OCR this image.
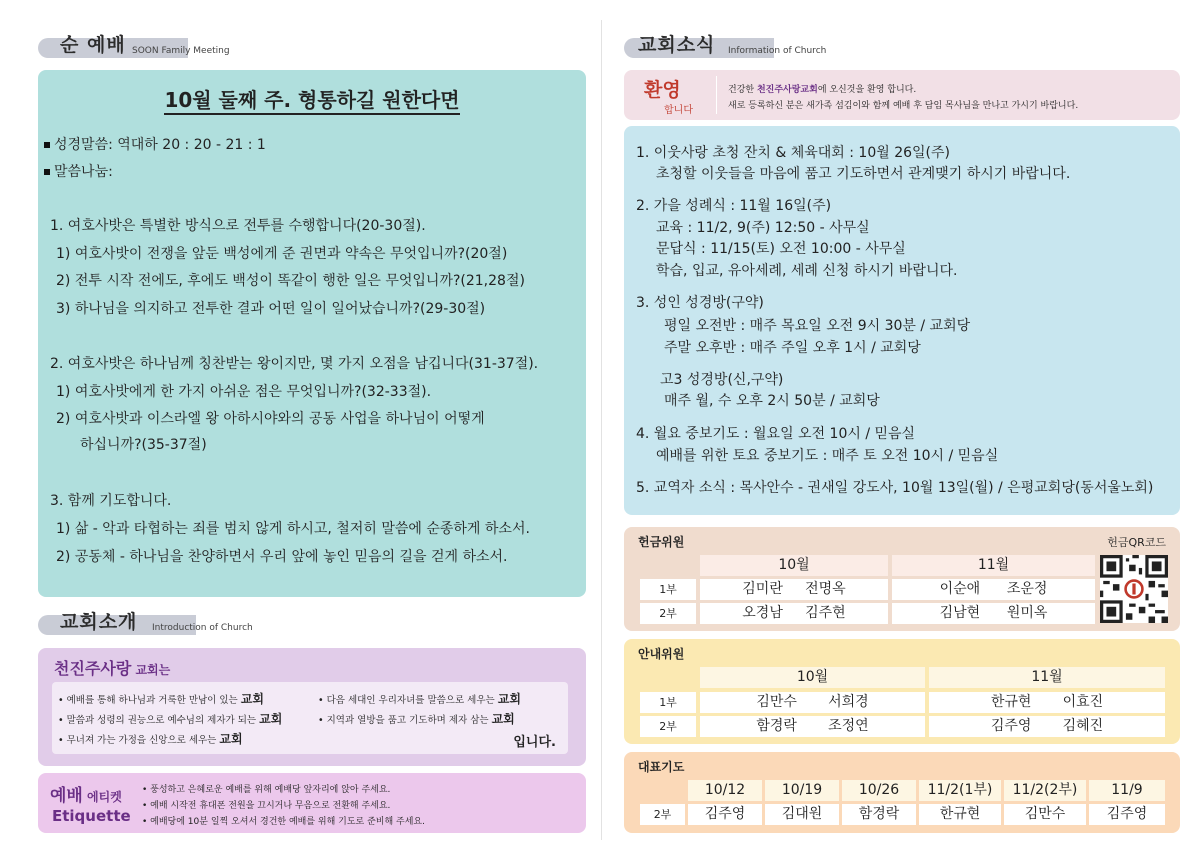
순 예배 SOON Family Meeting
10월 둘째 주. 형통하길 원한다면
성경말씀: 역대하 20 : 20 - 21 : 1
말씀나눔:
1. 여호사밧은 특별한 방식으로 전투를 수행합니다(20-30절).
1) 여호사밧이 전쟁을 앞둔 백성에게 준 권면과 약속은 무엇입니까?(20절)
2) 전투 시작 전에도, 후에도 백성이 똑같이 행한 일은 무엇입니까?(21,28절)
3) 하나님을 의지하고 전투한 결과 어떤 일이 일어났습니까?(29-30절)
2. 여호사밧은 하나님께 칭찬받는 왕이지만, 몇 가지 오점을 남깁니다(31-37절).
1) 여호사밧에게 한 가지 아쉬운 점은 무엇입니까?(32-33절).
2) 여호사밧과 이스라엘 왕 아하시야와의 공동 사업을 하나님이 어떻게
하십니까?(35-37절)
3. 함께 기도합니다.
1) 삶 - 악과 타협하는 죄를 범치 않게 하시고, 철저히 말씀에 순종하게 하소서.
2) 공동체 - 하나님을 찬양하면서 우리 앞에 놓인 믿음의 길을 걷게 하소서.
교회소개 Introduction of Church
천진주사랑 교회는
• 예배를 통해 하나님과 거룩한 만남이 있는 교회
• 말씀과 성령의 권능으로 예수님의 제자가 되는 교회
• 무너져 가는 가정을 신앙으로 세우는 교회
• 다음 세대인 우리자녀를 말씀으로 세우는 교회
• 지역과 열방을 품고 기도하며 제자 삼는 교회
입니다.
예배 에티켓
Etiquette
• 풍성하고 은혜로운 예배를 위해 예배당 앞자리에 앉아 주세요.
• 예배 시작전 휴대폰 전원을 끄시거나 무음으로 전환해 주세요.
• 예배당에 10분 일찍 오셔서 경건한 예배를 위해 기도로 준비해 주세요.
교회소식 Information of Church
환영
합니다
건강한 천진주사랑교회에 오신것을 환영 합니다.
새로 등록하신 분은 새가족 섬김이와 함께 예배 후 담임 목사님을 만나고 가시기 바랍니다.
1. 이웃사랑 초청 잔치 & 체육대회 : 10월 26일(주)
초청할 이웃들을 마음에 품고 기도하면서 관계맺기 하시기 바랍니다.
2. 가을 성례식 : 11월 16일(주)
교육 : 11/2, 9(주) 12:50 - 사무실
문답식 : 11/15(토) 오전 10:00 - 사무실
학습, 입교, 유아세례, 세례 신청 하시기 바랍니다.
3. 성인 성경방(구약)
평일 오전반 : 매주 목요일 오전 9시 30분 / 교회당
주말 오후반 : 매주 주일 오후 1시 / 교회당
고3 성경방(신,구약)
매주 월, 수 오후 2시 50분 / 교회당
4. 월요 중보기도 : 월요일 오전 10시 / 믿음실
예배를 위한 토요 중보기도 : 매주 토 오전 10시 / 믿음실
5. 교역자 소식 : 목사안수 - 권새일 강도사, 10월 13일(월) / 은평교회당(동서울노회)
헌금위원	헌금QR코드
10월	11월
1부	김미란 전명옥	이순애 조운정
2부	오경남 김주현	김남현 원미옥
안내위원
10월	11월
1부	김만수 서희경	한규현 이효진
2부	함경락 조정연	김주영 김혜진
대표기도
10/12	10/19	10/26	11/2(1부)	11/2(2부)	11/9
2부	김주영	김대원	함경락	한규현	김만수	김주영
